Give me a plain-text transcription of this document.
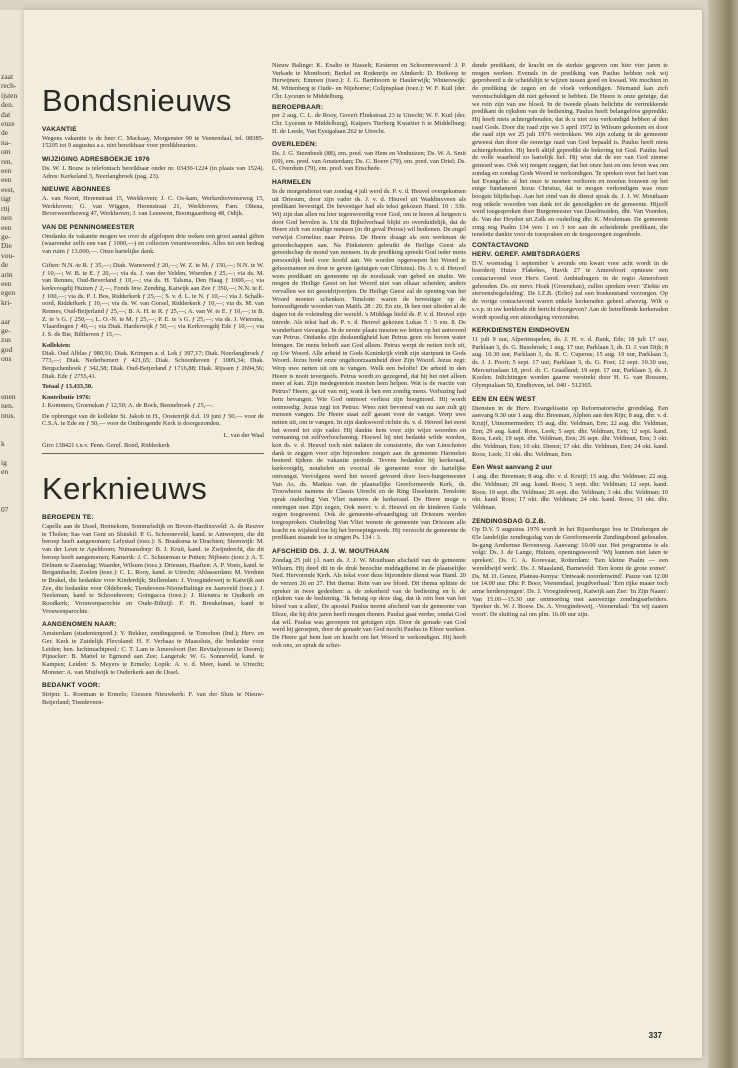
zaat
rech-
ijsten
den.
dat
enze
de
na-
om
ren.
een
een
eest,
tigt
rtij
nen
een
ge-
Die
vou-
de
arin
een
egen
kri-

aar
ge-
zus
god
ons

unen
nen.
ntus.

k

ig
en

07
Bondsnieuws
VAKANTIE
Wegens vakantie is de heer C. Mackaay, Morgenster 90 te Veenendaal, tel. 08385-15205 tot 9 augustus a.s. niet bereikbaar voor predikbeurten.
WIJZIGING ADRESBOEKJE 1976
Ds. W. J. Bouw is telefonisch bereikbaar onder nr. 03436-1224 (in plaats van 1524). Adres: Kerkeland 3, Neerlangbroek (pag. 23).
NIEUWE ABONNEES
A. van Noort, Herenstraat 15, Werkhoven; J. C. Os-kam, Werkenhovenseweg 15, Werkhoven; G. van Wiggen, Herenstraat 21, Werkhoven; Fam. Oltena, Beverweerdseweg 47, Werkhoven; J. van Leeuwen, Boomgaardweg 48, Odijk.
VAN DE PENNINGMEESTER
Omdanks de vakantie mogen we over de afgelopen drie weken een groot aantal giften (waaronder zelfs een van ƒ 1000,—) en collecten verantwoorden. Alles tot een bedrag van ruim ƒ 13.000,—. Onze hartelijke dank.
Giften: N.N.-te R. ƒ 35,—; Diak. Wanswerd ƒ 20,—; W. Z. te M. ƒ 150,—; N.N. te W. ƒ 10,—; W. B. te E. ƒ 20,—; via ds. J. van der Velden, Woerden ƒ 25,—; via ds. M. van Rennes, Oud-Beverland ƒ 10,—; via ds. H. Talsma, Den Haag ƒ 1000,—; via kerkvoogdij Huizen ƒ 2,—, Fonds Inw. Zending, Katwijk aan Zee ƒ 350,—; N.N. te E. ƒ 100,—; via ds. P. J. Bos, Ridderkerk ƒ 25,—; S. v. d. L. te N. ƒ 10,—; via J. Schalk-oord, Ridderkerk ƒ 10,—; via ds. W. van Gorsel, Ridderkerk ƒ 10,—; via ds. M. van Rennes, Oud-Beijerland ƒ 25,—; B. A. H. te R. ƒ 25,—; A. van W. te E. ƒ 10,—; te B. Z. te 's G. ƒ 250,—; L. O.-N. te M. ƒ 25,—; P. E. te 's G. ƒ 25,—; via ds. J. Wiersma, Vlaardingen ƒ 40,—; via Diak. Harderwijk ƒ 50,—; via Kerkvoogdij Ede ƒ 10,—; via J. S. de Bie, Bilthoven ƒ 15,—.
Kollekten:
Diak. Oud Alblas ƒ 980,91; Diak. Krimpen a. d. Lek ƒ 397,17; Diak. Noerlangbroek ƒ 773,—; Diak. Nederhemert ƒ 421,65; Diak. Schoonhoven ƒ 1009,34; Diak. Bergschenhoek ƒ 342,58; Diak. Oud-Beijerland ƒ 1716,88; Diak. Rijssen ƒ 2694,56; Diak. Ede ƒ 2755,41.
Totaal ƒ 13.433,50.
Kontributie 1976:
J. Kommers, Groenekan ƒ 12,50; A. de Bock, Bennebroek ƒ 25,—.
De opbrengst van de kollekte St. Jakob in H., Oostenrijk d.d. 19 juni ƒ 50,— voor de C.S.A. te Ede en ƒ 50,— voor de Ontbrogende Kerk is doorgezonden.
L. van der Waal
Giro 138421 t.n.v. Penn. Geref. Bond, Ridderkerk
Kerknieuws
BEROEPEN TE:
Capelle aan de IJssel, Bennekom, Sommelsdijk en Boven-Hardinxveld: A. de Reuver te Tholen; Sas van Gent en Sluiskil: P. G. Schooneveld, kand. te Antwerpen, die dit beroep heeft aangenomen; Lelystad (toez.): S. Braaksma te Drachten; Steenwijk: M. van der Leun te Apeldoorn; Numansdorp: B. J. Kruit, kand. te Zwijndrecht, die dit beroep heeft aangenomen; Kamerik: J. C. Schuurman te Putten; Nijbeets (toez.): A. T. Delnum te Zaamslag; Waarder, Wilsum (toez.): Driesum, Haaften: A. P. Voets, kand. te Bergambacht; Zoelen (toez.): C. L. Rooy, kand. te Utrecht; Ablasserdam: M. Verduin te Brakel, die bedankte voor Kinderdijk; Stellendam: J. Vroegindeweij te Katwijk aan Zee, die bedankte voor Oldebroek; Tiendeveen-NieuwBalinge en Jaarsveld (toez.): J. Neeleman, kand te Schoonhoven; Goingacca (toez.): J. Rienstra te Oudkerk en Roodkerk; Vrouwenparochie en Oude-Biltzijl: F. H. Breukelman, kand te Vrouwenparochie.
AANGENOMEN NAAR:
Amsterdam (studentenpred.): Y. Bekker, zendingspred. te Tomohon (Ind.); Herv. en Ger. Kerk te Zuidelijk Flevoland: H. F. Verbaas te Maassluis, die bedankte voor Leiden; ben. luchtmachtpred.: C. T. Lam te Amersfoort (ler. Revitalyceum te Doorn); Pijnacker: B. Martel te Egmond aan Zee; Langerak: W. G. Sonneveld, kand. te Kampen; Leiden: S. Meyers te Ermelo; Lopik: A. v. d. Meer, kand. te Utrecht; Monster: A. van Muilwijk te Ouderkerk aan de IJssel.
BEDANKT VOOR:
Strijen: L. Roetman te Ermelo; Giessen Nieuwkerk: F. van der Sluis te Nieuw-Beijerland; Tiendeveen-
Nieuw Balinge: K. Exalto te Hasselt; Kesteren en Schoonrewoerd: J. P. Verkade te Montfoort; Berkel en Rodenrijs en Almkerk: D. Heikoop te Herwijnen; Emmen (toez.): J. G. Barnhoorn te Haulerwijk; Winterswijk: M. Wittenberg te Oude- en Nijehorne; Colijnsplaat (toez.): W. F. Kuil (der. Chr. Lyceum te Middelburg.
BEROEPBAAR:
per 2 aug. C. L. de Rooy, Govert Flinkstraat 23 te Utrecht; W. F. Kuil (der. Chr. Lyceum te Middelburg), Kuipers Tierberg Kwartier 6 te Middelburg; H. de Leede, Van Eysigalaan 262 te Utrecht.
OVERLEDEN:
Ds. J. G. Steenbeek (88), em. pred. van Hem en Venhuizen; Ds. W. A. Smit (69), em. pred. van Amsterdam; Ds. C. Boere (79), em. pred. van Driel; Ds. L. Overduin (79), em. pred. van Enschede.
HARMELEN
In de morgendienst van zondag 4 juli werd ds. P. v. d. Heuvel overgekomen uit Driesum, door zijn vader ds. J. v. d. Heuvel uit Waddinxveen als predikant bevestigd. De bevestiger had als tekst gekozen Hand. 10 : 33b. Wij zijn dan allen nu hier tegenwoordig voor God, om te horen al hetgeen u door God bevolen is. Uit dit Bijbelverhaal blijkt zo overduidelijk, dat de Heere zich van zondige mensen (in dit geval Petrus) wil bedienen. De engel verwijst Cornelius naar Petrus. De Heere draagt als een werkman de gereedschappen aan. Na Pinksteren gebruikt de Heilige Geest als gereedschap de mond van mensen. In de prediking spreekt God ieder mens persoonlijk heel voor hoofd aan. We worden opgeroepen het Woord te gehoorzamen en door te geven (getuigen van Christus). Ds. J. v. d. Heuvel wees predikant en gemeente op de noodzaak van gebed en studie. We mogen de Heilige Geest en het Woord niet van elkaar scheiden, anders vervallen we tot geestdrijverijen. De Heilige Geest zal de opening van het Woord moeten schenken. Tenslotte waren de bevestiger op de bemoedigende woorden van Matth. 28 : 20. En zie, Ik ben met ulieden al de dagen tot de voleinding der wereld. 's Middags hield ds. P. v. d. Heuvel zijn intrede. Als tekst had ds. P. v. d. Heuvel gekozen Lukas 5 : 5 em. 8. De wonderbare visvangst. In de eerste plaats moeten we letten op het antwoord van Petrus. Ondanks zijn deskundigheid kan Petrus geen vis boven water brengen. De mens beleeft aan God alleen. Petrus werpt de netten toch uit, op Uw Woord. Alle arbeid in Gods Koninkrijk vindt zijn startpunt in Gods Woord. Jezus brekt onze ongehoorzaamheid door Zijn Woord. Jezus zegt: Werp uwe netten uit om te vangen. Welk een belofte! De arbeid in den Heere is nooit tevergeefs. Petrus wordt zo gezegend, dat hij het niet alleen meer af kan. Zijn medegenoten moeten hem helpen. Wat is de reactie van Petrus? Heere, ga uit van mij, want ik ben een zondig mens. Verbazing had hem bevangen. Wie God ontmoet verliest zijn hoogmoed. Hij wordt ootmoedig. Jezus zegt tot Petrus: Wees niet bevreesd van nu aan zult gij mensen vangen. De Heere staat zelf garant voor de vangst. Werp uwe netten uit, om te vangen. In zijn dankwoord richtte ds. v. d. Heuvel het eerst het woord tot zijn vader. Hij dankte hem voor zijn wijze woorden en vermaning tot zelfverloochening. Hoewel hij niet bedankt wilde worden, kon ds. v. d. Heuvel toch niet nalaten de consistorie, die van Linschoten dank te zeggen voor zijn bijzondere zorgen aan de gemeente Harmelen besteed tijdens de vakantie periode. Tevens bedankte hij kerkeraad, kerkvoogdij, notabelen en voorzal de gemeente voor de hartelijke ontvangst. Vervolgens werd het woord gevoerd door loco-burgemeester Van As, ds. Markus van de plaatselijke Gereformeerde Kerk, ds. Trouwborst namens de Classis Utrecht en de Ring IJsselstein. Tenslotte sprak ouderling Van Vliet namens de kerkeraad. De Heere moge u omringen met Zijn zegen, Ook mevr. v. d. Heuvel en de kinderen Gods zegen toegewenst. Ook de gemeente-afvaardiging uit Driesum werden toegesproken. Ouderling Van Vliet wenste de gemeente van Driesum alle kracht en wijsheid toe bij het beroepingswerk. Hij verzocht de gemeente de predikant staande toe te zingen Ps. 134 : 3.
AFSCHEID DS. J. J. W. MOUTHAAN
Zondag 25 juli j.l. nam ds. J. J. W. Mouthaan afscheid van de gemeente Wilsum. Hij deed dit in de druk bezochte middagdienst in de plaatselijke Ned. Hervormde Kerk. Als tekst voor deze bijzondere dienst was Hand. 20 de verzen 26 en 27. Het thema: Rein van uw bloed. Dit thema splitste de spreker in twee gedeelten: a. de zekerheid van de bediening en b. de rijkdom van de bediening. 'Ik betuig op deze dag, dat ik rein ben van het bloed van u allen', De apostel Paulus neemt afscheid van de gemeente van Efeze, die hij drie jaren heeft mogen dienen. Paulus gaat verder, omdat God dat wil. Paulus was geroepen tot getuigen zijn. Door de genade van God werd hij geroepen, door de genade van God mocht Paulus in Efeze werken. De Heere gaf hem lust en kracht om het Woord te verkondigen. Hij heeft ook ons, zo sprak de schei-
dende predikant, de kracht en de sterkte gegeven om hier vier jaren te mogen werken. Evenals in de prediking van Paulus hebben ook wij geprobeerd u de scheidslijn te wijzen tussen goed en kwaad. We mochten in de prediking de zegen en de vloek verkondigen. Niemand kan zich verontschuldigen dit niet gehoord te hebben. De Heere is onze getuige, dat we rein zijn van uw bloed. In de tweede plaats belichtte de vertrekkende predikant de rijkdom van de bediening. Paulus heeft belangeloos gepredikt. Hij heeft niets achtergehouden, dat ik u niet zou verkondigd hebben al den raad Gods. Door die raad zijn we 3 april 1972 in Wilsum gekomen en door die raad zijn we 25 juli 1976 vertrokken. We zijn zolang in de gemeente geweest dan door die eeuwige raad van God bepaald is. Paulus heeft niets achtergehouden. Hij heeft altijd gepredikt de bekering tot God. Paulus had de volle waarheid zo hartelijk lief. Hij wist dat de eer van God zimme gemoed was. Ook wij mogen zeggen, dat het onze lust en ons leven was om zondag en zondag Gods Woord te verkondigen. Te spreken over het hart van het Evangelie: al het onze te moeten verlieren en moeten bouwen op het enige fundament Jezus Christus, dat te mogen verkondigen was onze hoogste blijdschap. Aan het eind van de dienst sprak ds. J. J. W. Mouthaan nog enkele woorden van dank tot de genodigden en de gemeente. Hijzelf werd toegesproken door Burgemeester van IJsselmuiden, dhr. Van Voorden, ds. Van der Heyden uit Zalk en ouderling dhr. K. Meuleman. De gemeente zong nog Psalm 134 vers 1 en 3 toe aan de scheidende predikant, die tenslotte dankte voor de toespraken en de toegezongen zegenbede.
CONTACTAVOND
HERV. GEREF. AMBTSDRAGERS
D.V. woensdag 1 september 's avonds om kwart voor acht wordt in de boerderij Huize Flakehes, Havik 27 te Amersfoort opnieuw een contactavond voor Herv. Geref. Ambtsdragers in de regio Amersfoort gehouden. Ds. en mevr. Hoek (Groenekan), zullen spreken over: 'Ziekte en stervensbegeleiding'. De I.Z.B. (Echo) zal een boekenstand verzorgen. Op de vorige contactavond waren enkele kerkeraden geheel afwezig. Wilt u s.v.p. in uw kerkbode dit bericht doorgeven? Aan de betreffende kerkeraden wordt spoedig een uitnodiging verzonden.
KERKDIENSTEN EINDHOVEN
11 juli 9 uur, Alpertenspelen, ds. J. H. v. d. Bank, Ede; 18 juli 17 uur, Parklaan 3, ds. G. Bussbroek; 1 aug. 17 uur, Parklaan 3, ds. D. J. van Dijk; 8 aug. 10.30 uur, Parklaan 3, ds. R. C. Cuperus; 15 aug. 19 uur, Parklaan 3, ds. J. J. Poort; 5 sept. 17 uur, Parklaan 3, ds. G. Post; 12 sept. 10.30 uur, Mercuriuslaan 18, prof. dr. C. Graafland; 19 sept. 17 uur, Parklaan 3, ds. J. Koolen. Inlichtingen worden gaarne verstrekt door H. G. van Roesem, Olympialaan 50, Eindhoven, tel. 040 - 512365.
EEN EN EEN WEST
Diensten in de Herv. Evangelisatie op Reformatorische grondslag. Een aanvang 9.30 uur 1 aug. dhr. Breeman, Alphen aan den Rijn; 8 aug. dhr. v. d. Kruijf, Uitnomermeden; 15 aug. dhr. Veldman, Een; 22 aug. dhr. Veldman, Een; 29 aug. kand. Roos, Leek; 5 sept. dhr. Veldman, Een; 12 sept. kand. Roos, Leek; 19 sept. dhr. Veldman, Een; 26 sept. dhr. Veldman, Een; 3 okt. dhr. Veldman, Een; 10 okt. Dienst; 17 okt. dhr. Veldman, Een; 24 okt. kand. Roos, Leek; 31 okt. dhr. Veldman, Een.
Een West aanvang 2 uur
1 aug. dhr. Breeman; 8 aug. dhr. v. d. Kruijf; 15 aug. dhr. Veldman; 22 aug. dhr. Veldman; 29 aug. kand. Roos; 5 sept. dhr. Veldman; 12 sept. kand. Roos; 19 sept. dhr. Veldman; 26 sept. dhr. Veldman; 3 okt. dhr. Veldman; 10 okt. kand. Roos; 17 okt. dhr. Veldman; 24 okt. kand. Roos; 31 okt. dhr. Veldman.
ZENDINGSDAG G.Z.B.
Op D.V. 5 augustus 1976 wordt in het Rijsenburgse bos te Driebergen de 65e landelijke zendingsdag van de Gereformeerde Zendingsbond gehouden. In-gang Arnhemse Bovenweg. Aanvang: 10.00 uur. Het programma is als volgt: Ds. J. de Lange, Huizen, openingswoord: 'Wij kunnen niet laten te spreken'. Ds. C. A. Korevaar, Rotterdam: 'Een kleine Psalm — een wereldwijd werk'. Ds. J. Maasland, Barneveld: 'Een komt de grote zomer'. Ds. M. D. Geuze, Plateau-Kenya: 'Ontwaak noordenwind'. Pauze van 12.00 tot 14.00 uur. Dhr. P. Boor, Veenendaal, jeugdverhaal: 'Een rijke maaer toch arme herdersjongen'. Ds. J. Vroegindeweij, Katwijk aan Zee: 'In Zijn Naam'. Van 15.00—15.30 uur ontmoeting met aanwezige zendingsarbeiders. Spreker ds. W. J. Bouw. Ds. A. Vroegindeweij, -Veenendaal: 'En wij zaaien voort'. De sluiting zal om plm. 16.00 uur zijn.
337
